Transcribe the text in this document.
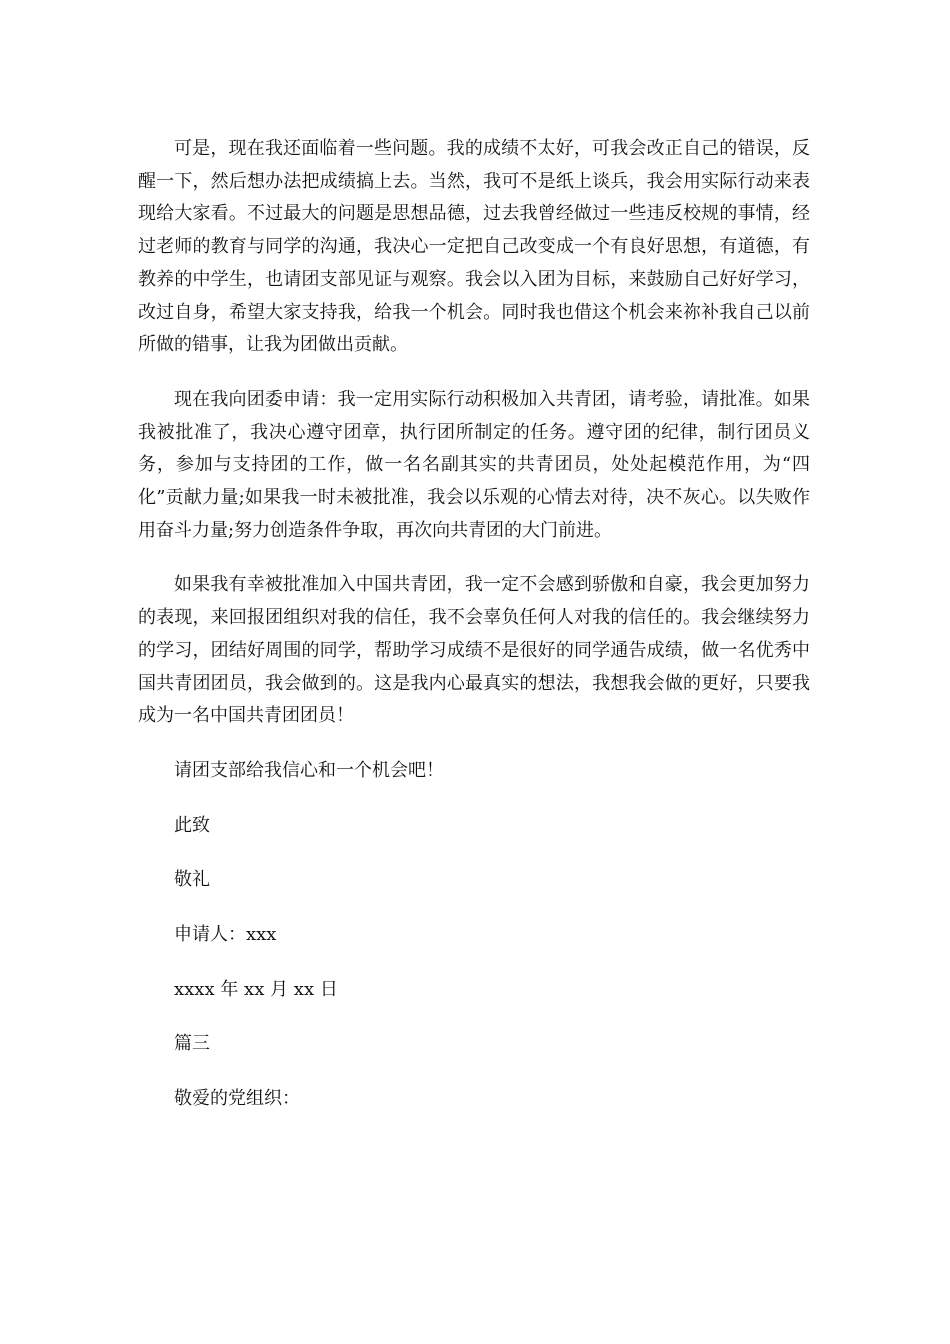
可是，现在我还面临着一些问题。我的成绩不太好，可我会改正自己的错误，反醒一下，然后想办法把成绩搞上去。当然，我可不是纸上谈兵，我会用实际行动来表现给大家看。不过最大的问题是思想品德，过去我曾经做过一些违反校规的事情，经过老师的教育与同学的沟通，我决心一定把自己改变成一个有良好思想，有道德，有教养的中学生，也请团支部见证与观察。我会以入团为目标，来鼓励自己好好学习，改过自身，希望大家支持我，给我一个机会。同时我也借这个机会来祢补我自己以前所做的错事，让我为团做出贡献。

现在我向团委申请：我一定用实际行动积极加入共青团，请考验，请批准。如果我被批准了，我决心遵守团章，执行团所制定的任务。遵守团的纪律，制行团员义务，参加与支持团的工作，做一名名副其实的共青团员，处处起模范作用，为“四化”贡献力量;如果我一时未被批准，我会以乐观的心情去对待，决不灰心。以失败作用奋斗力量;努力创造条件争取，再次向共青团的大门前进。

如果我有幸被批准加入中国共青团，我一定不会感到骄傲和自豪，我会更加努力的表现，来回报团组织对我的信任，我不会辜负任何人对我的信任的。我会继续努力的学习，团结好周围的同学，帮助学习成绩不是很好的同学通告成绩，做一名优秀中国共青团团员，我会做到的。这是我内心最真实的想法，我想我会做的更好，只要我成为一名中国共青团团员！

请团支部给我信心和一个机会吧！

此致

敬礼

申请人：xxx

xxxx 年 xx 月 xx 日

篇三

敬爱的党组织：
